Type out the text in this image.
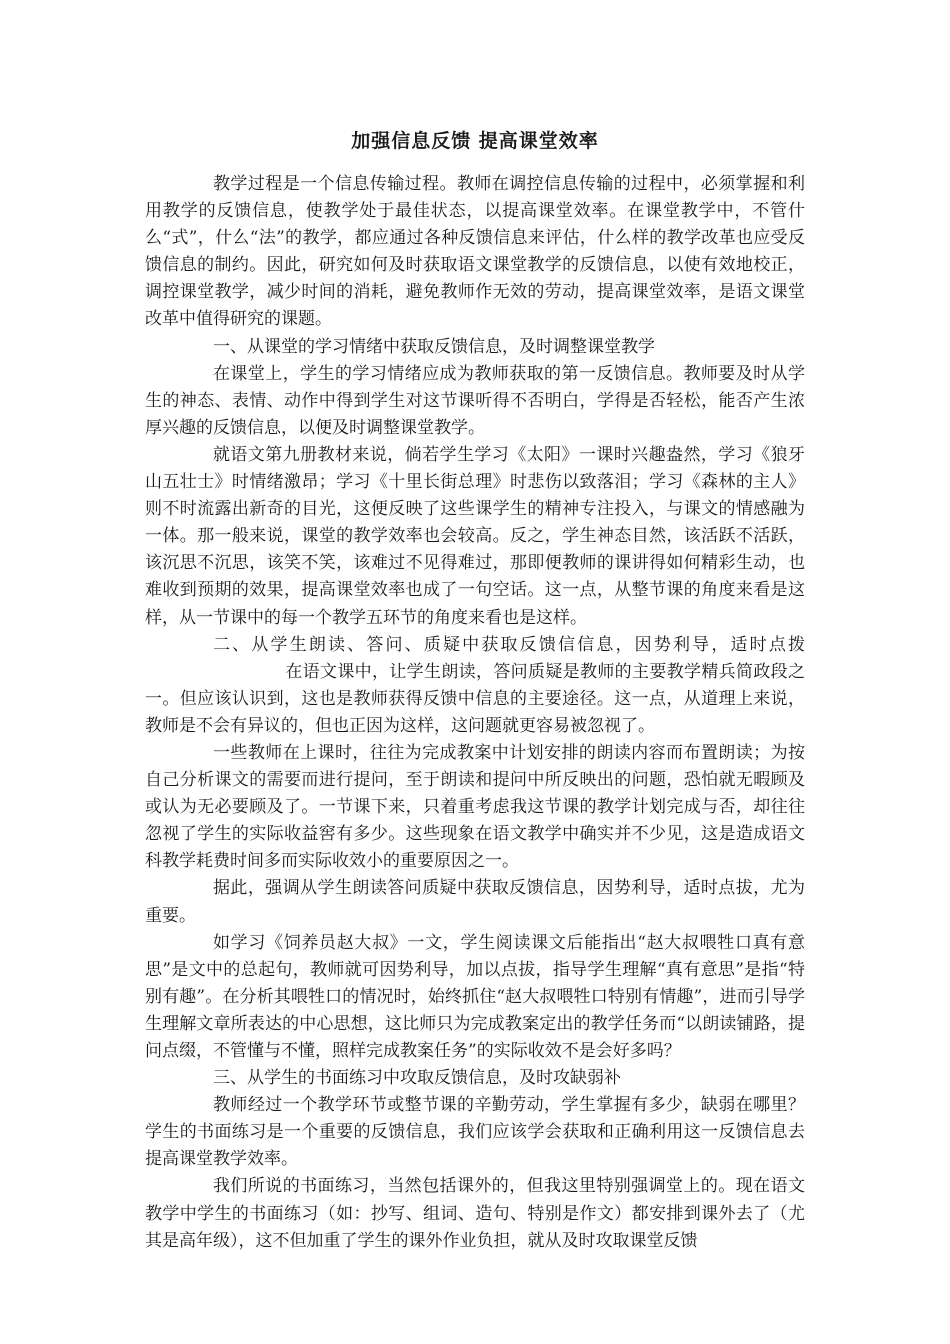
加强信息反馈 提高课堂效率

教学过程是一个信息传输过程。教师在调控信息传输的过程中，必须掌握和利用教学的反馈信息，使教学处于最佳状态，以提高课堂效率。在课堂教学中，不管什么“式”，什么“法”的教学，都应通过各种反馈信息来评估，什么样的教学改革也应受反馈信息的制约。因此，研究如何及时获取语文课堂教学的反馈信息，以使有效地校正，调控课堂教学，减少时间的消耗，避免教师作无效的劳动，提高课堂效率，是语文课堂改革中值得研究的课题。

一、从课堂的学习情绪中获取反馈信息，及时调整课堂教学

在课堂上，学生的学习情绪应成为教师获取的第一反馈信息。教师要及时从学生的神态、表情、动作中得到学生对这节课听得不否明白，学得是否轻松，能否产生浓厚兴趣的反馈信息，以便及时调整课堂教学。

就语文第九册教材来说，倘若学生学习《太阳》一课时兴趣盎然，学习《狼牙山五壮士》时情绪激昂；学习《十里长街总理》时悲伤以致落泪；学习《森林的主人》则不时流露出新奇的目光，这便反映了这些课学生的精神专注投入，与课文的情感融为一体。那一般来说，课堂的教学效率也会较高。反之，学生神态目然，该活跃不活跃，该沉思不沉思，该笑不笑，该难过不见得难过，那即便教师的课讲得如何精彩生动，也难收到预期的效果，提高课堂效率也成了一句空话。这一点，从整节课的角度来看是这样，从一节课中的每一个教学五环节的角度来看也是这样。

二、从学生朗读、答问、质疑中获取反馈信信息，因势利导，适时点拨在语文课中，让学生朗读，答问质疑是教师的主要教学精兵简政段之一。但应该认识到，这也是教师获得反馈中信息的主要途径。这一点，从道理上来说，教师是不会有异议的，但也正因为这样，这问题就更容易被忽视了。

一些教师在上课时，往往为完成教案中计划安排的朗读内容而布置朗读；为按自己分析课文的需要而进行提问，至于朗读和提问中所反映出的问题，恐怕就无暇顾及或认为无必要顾及了。一节课下来，只着重考虑我这节课的教学计划完成与否，却往往忽视了学生的实际收益窖有多少。这些现象在语文教学中确实并不少见，这是造成语文科教学耗费时间多而实际收效小的重要原因之一。

据此，强调从学生朗读答问质疑中获取反馈信息，因势利导，适时点拔，尤为重要。

如学习《饲养员赵大叔》一文，学生阅读课文后能指出“赵大叔喂牲口真有意思”是文中的总起句，教师就可因势利导，加以点拔，指导学生理解“真有意思”是指“特别有趣”。在分析其喂牲口的情况时，始终抓住“赵大叔喂牲口特别有情趣”，进而引导学生理解文章所表达的中心思想，这比师只为完成教案定出的教学任务而“以朗读铺路，提问点缀，不管懂与不懂，照样完成教案任务”的实际收效不是会好多吗？

三、从学生的书面练习中攻取反馈信息，及时攻缺弱补

教师经过一个教学环节或整节课的辛勤劳动，学生掌握有多少，缺弱在哪里？学生的书面练习是一个重要的反馈信息，我们应该学会获取和正确利用这一反馈信息去提高课堂教学效率。

我们所说的书面练习，当然包括课外的，但我这里特别强调堂上的。现在语文教学中学生的书面练习（如：抄写、组词、造句、特别是作文）都安排到课外去了（尤其是高年级），这不但加重了学生的课外作业负担，就从及时攻取课堂反馈
